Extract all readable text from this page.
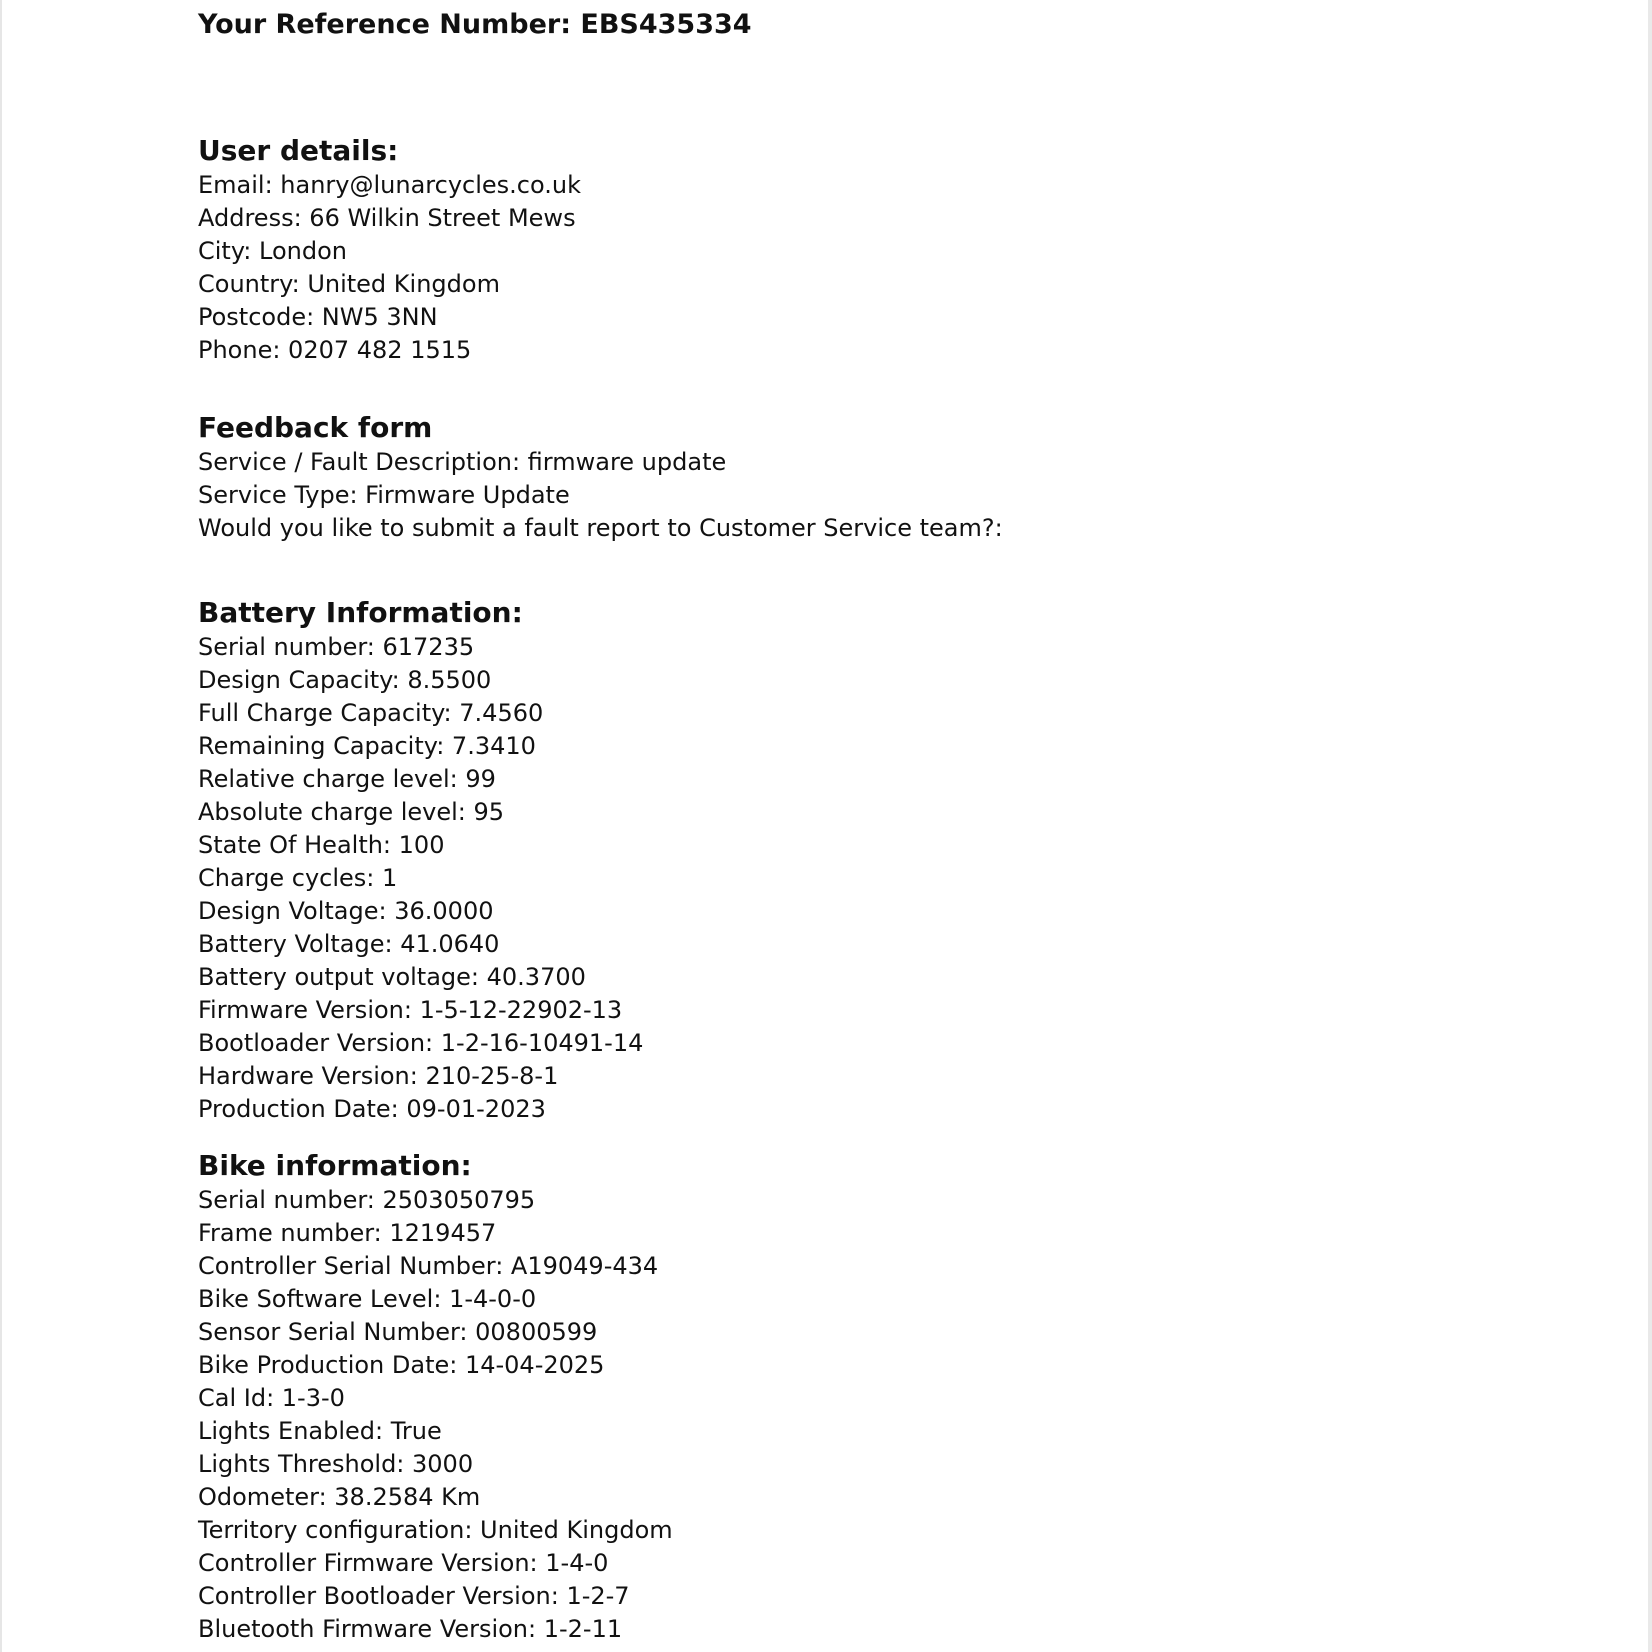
Your Reference Number: EBS435334
User details:
Email: hanry@lunarcycles.co.uk
Address: 66 Wilkin Street Mews
City: London
Country: United Kingdom
Postcode: NW5 3NN
Phone: 0207 482 1515
Feedback form
Service / Fault Description: firmware update
Service Type: Firmware Update
Would you like to submit a fault report to Customer Service team?:
Battery Information:
Serial number: 617235
Design Capacity: 8.5500
Full Charge Capacity: 7.4560
Remaining Capacity: 7.3410
Relative charge level: 99
Absolute charge level: 95
State Of Health: 100
Charge cycles: 1
Design Voltage: 36.0000
Battery Voltage: 41.0640
Battery output voltage: 40.3700
Firmware Version: 1-5-12-22902-13
Bootloader Version: 1-2-16-10491-14
Hardware Version: 210-25-8-1
Production Date: 09-01-2023
Bike information:
Serial number: 2503050795
Frame number: 1219457
Controller Serial Number: A19049-434
Bike Software Level: 1-4-0-0
Sensor Serial Number: 00800599
Bike Production Date: 14-04-2025
Cal Id: 1-3-0
Lights Enabled: True
Lights Threshold: 3000
Odometer: 38.2584 Km
Territory configuration: United Kingdom
Controller Firmware Version: 1-4-0
Controller Bootloader Version: 1-2-7
Bluetooth Firmware Version: 1-2-11
